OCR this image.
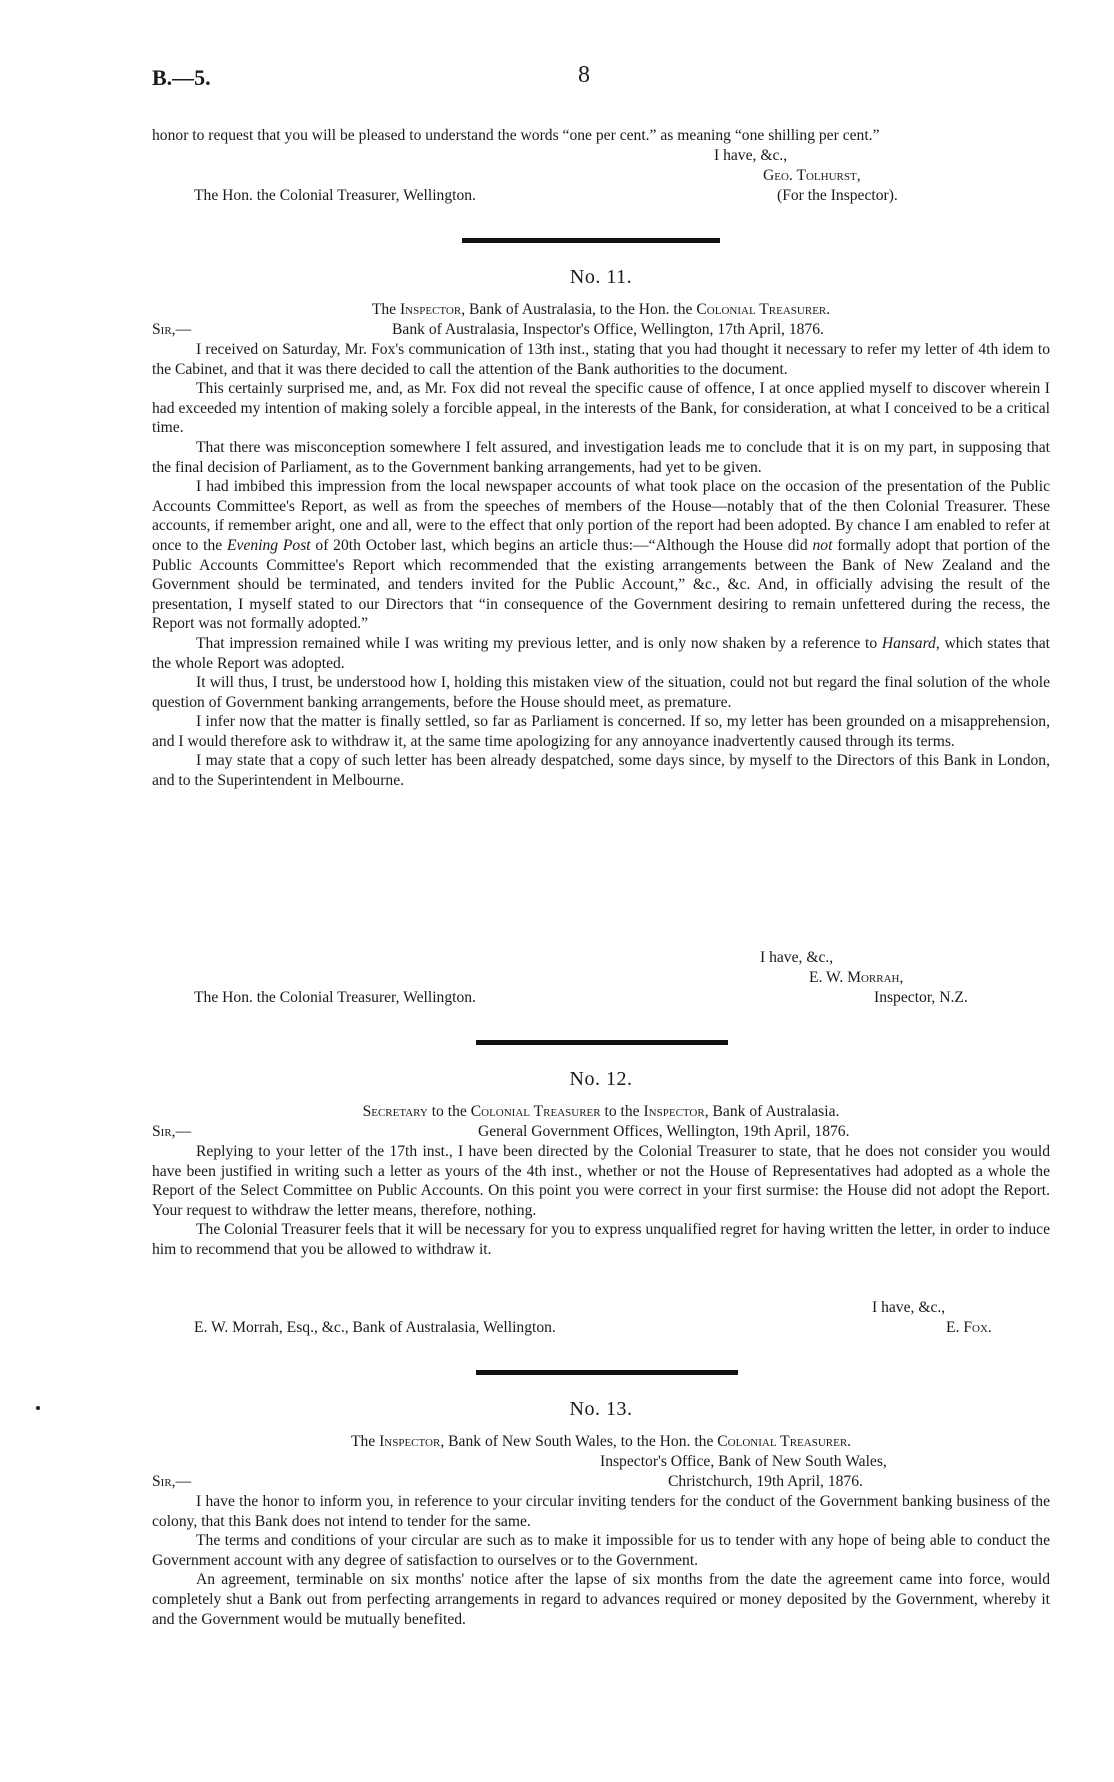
B.—5.	8

honor to request that you will be pleased to understand the words “one per cent.” as meaning “one shilling per cent.”

I have, &c.,
Geo. Tolhurst,
The Hon. the Colonial Treasurer, Wellington.	(For the Inspector).
No. 11.
The Inspector, Bank of Australasia, to the Hon. the Colonial Treasurer.
Sir,—	Bank of Australasia, Inspector's Office, Wellington, 17th April, 1876.

I received on Saturday, Mr. Fox's communication of 13th inst., stating that you had thought it necessary to refer my letter of 4th idem to the Cabinet, and that it was there decided to call the attention of the Bank authorities to the document.

This certainly surprised me, and, as Mr. Fox did not reveal the specific cause of offence, I at once applied myself to discover wherein I had exceeded my intention of making solely a forcible appeal, in the interests of the Bank, for consideration, at what I conceived to be a critical time.

That there was misconception somewhere I felt assured, and investigation leads me to conclude that it is on my part, in supposing that the final decision of Parliament, as to the Government banking arrangements, had yet to be given.

I had imbibed this impression from the local newspaper accounts of what took place on the occasion of the presentation of the Public Accounts Committee's Report, as well as from the speeches of members of the House—notably that of the then Colonial Treasurer. These accounts, if remember aright, one and all, were to the effect that only portion of the report had been adopted. By chance I am enabled to refer at once to the Evening Post of 20th October last, which begins an article thus:—“Although the House did not formally adopt that portion of the Public Accounts Committee's Report which recommended that the existing arrangements between the Bank of New Zealand and the Government should be terminated, and tenders invited for the Public Account,” &c., &c. And, in officially advising the result of the presentation, I myself stated to our Directors that “in consequence of the Government desiring to remain unfettered during the recess, the Report was not formally adopted.”

That impression remained while I was writing my previous letter, and is only now shaken by a reference to Hansard, which states that the whole Report was adopted.

It will thus, I trust, be understood how I, holding this mistaken view of the situation, could not but regard the final solution of the whole question of Government banking arrangements, before the House should meet, as premature.

I infer now that the matter is finally settled, so far as Parliament is concerned. If so, my letter has been grounded on a misapprehension, and I would therefore ask to withdraw it, at the same time apologizing for any annoyance inadvertently caused through its terms.

I may state that a copy of such letter has been already despatched, some days since, by myself to the Directors of this Bank in London, and to the Superintendent in Melbourne.

I have, &c.,
E. W. Morrah,
The Hon. the Colonial Treasurer, Wellington.	Inspector, N.Z.
No. 12.
Secretary to the Colonial Treasurer to the Inspector, Bank of Australasia.
Sir,—	General Government Offices, Wellington, 19th April, 1876.

Replying to your letter of the 17th inst., I have been directed by the Colonial Treasurer to state, that he does not consider you would have been justified in writing such a letter as yours of the 4th inst., whether or not the House of Representatives had adopted as a whole the Report of the Select Committee on Public Accounts. On this point you were correct in your first surmise: the House did not adopt the Report. Your request to withdraw the letter means, therefore, nothing.

The Colonial Treasurer feels that it will be necessary for you to express unqualified regret for having written the letter, in order to induce him to recommend that you be allowed to withdraw it.

I have, &c.,
E. W. Morrah, Esq., &c., Bank of Australasia, Wellington.	E. Fox.
No. 13.
The Inspector, Bank of New South Wales, to the Hon. the Colonial Treasurer.
Inspector's Office, Bank of New South Wales,
Sir,—	Christchurch, 19th April, 1876.

I have the honor to inform you, in reference to your circular inviting tenders for the conduct of the Government banking business of the colony, that this Bank does not intend to tender for the same.

The terms and conditions of your circular are such as to make it impossible for us to tender with any hope of being able to conduct the Government account with any degree of satisfaction to ourselves or to the Government.

An agreement, terminable on six months' notice after the lapse of six months from the date the agreement came into force, would completely shut a Bank out from perfecting arrangements in regard to advances required or money deposited by the Government, whereby it and the Government would be mutually benefited.
